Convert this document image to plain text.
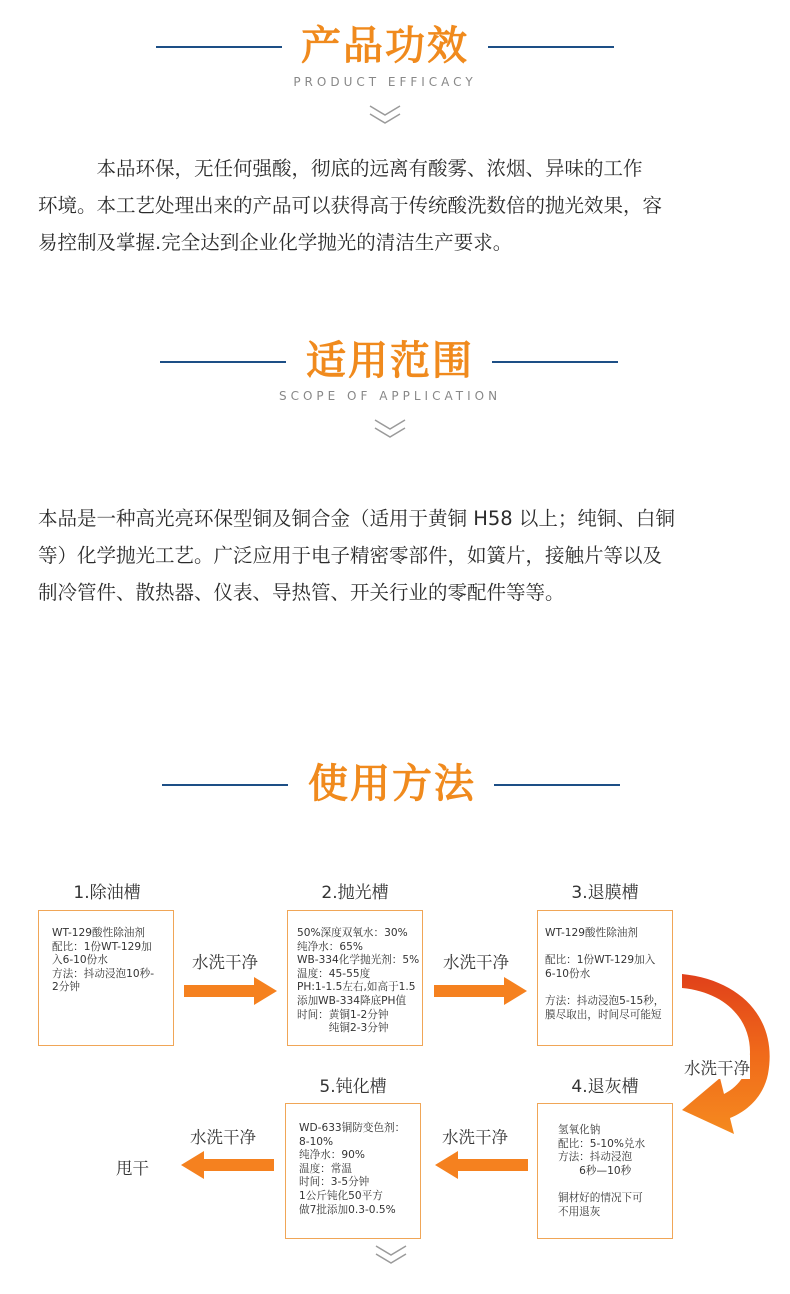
产品功效
PRODUCT EFFICACY
　　　本品环保，无任何强酸，彻底的远离有酸雾、浓烟、异味的工作
环境。本工艺处理出来的产品可以获得高于传统酸洗数倍的抛光效果，容
易控制及掌握.完全达到企业化学抛光的清洁生产要求。
适用范围
SCOPE OF APPLICATION
本品是一种高光亮环保型铜及铜合金（适用于黄铜 H58 以上；纯铜、白铜
等）化学抛光工艺。广泛应用于电子精密零部件，如簧片，接触片等以及
制冷管件、散热器、仪表、导热管、开关行业的零配件等等。
使用方法
1.除油槽	2.抛光槽	3.退膜槽
WT-129酸性除油剂
配比：1份WT-129加
入6-10份水
方法：抖动浸泡10秒-
2分钟
50%深度双氧水：30%
纯净水：65%
WB-334化学抛光剂：5%
温度：45-55度
PH:1-1.5左右,如高于1.5
添加WB-334降底PH值
时间：黄铜1-2分钟
　　　纯铜2-3分钟
WT-129酸性除油剂

配比：1份WT-129加入
6-10份水

方法：抖动浸泡5-15秒，
膜尽取出，时间尽可能短
水洗干净	水洗干净
水洗干净
5.钝化槽	4.退灰槽
WD-633铜防变色剂：
8-10%
纯净水：90%
温度：常温
时间：3-5分钟
1公斤钝化50平方
做7批添加0.3-0.5%
氢氧化钠
配比：5-10%兑水
方法：抖动浸泡
　　6秒—10秒

铜材好的情况下可
不用退灰
水洗干净
水洗干净
甩干
